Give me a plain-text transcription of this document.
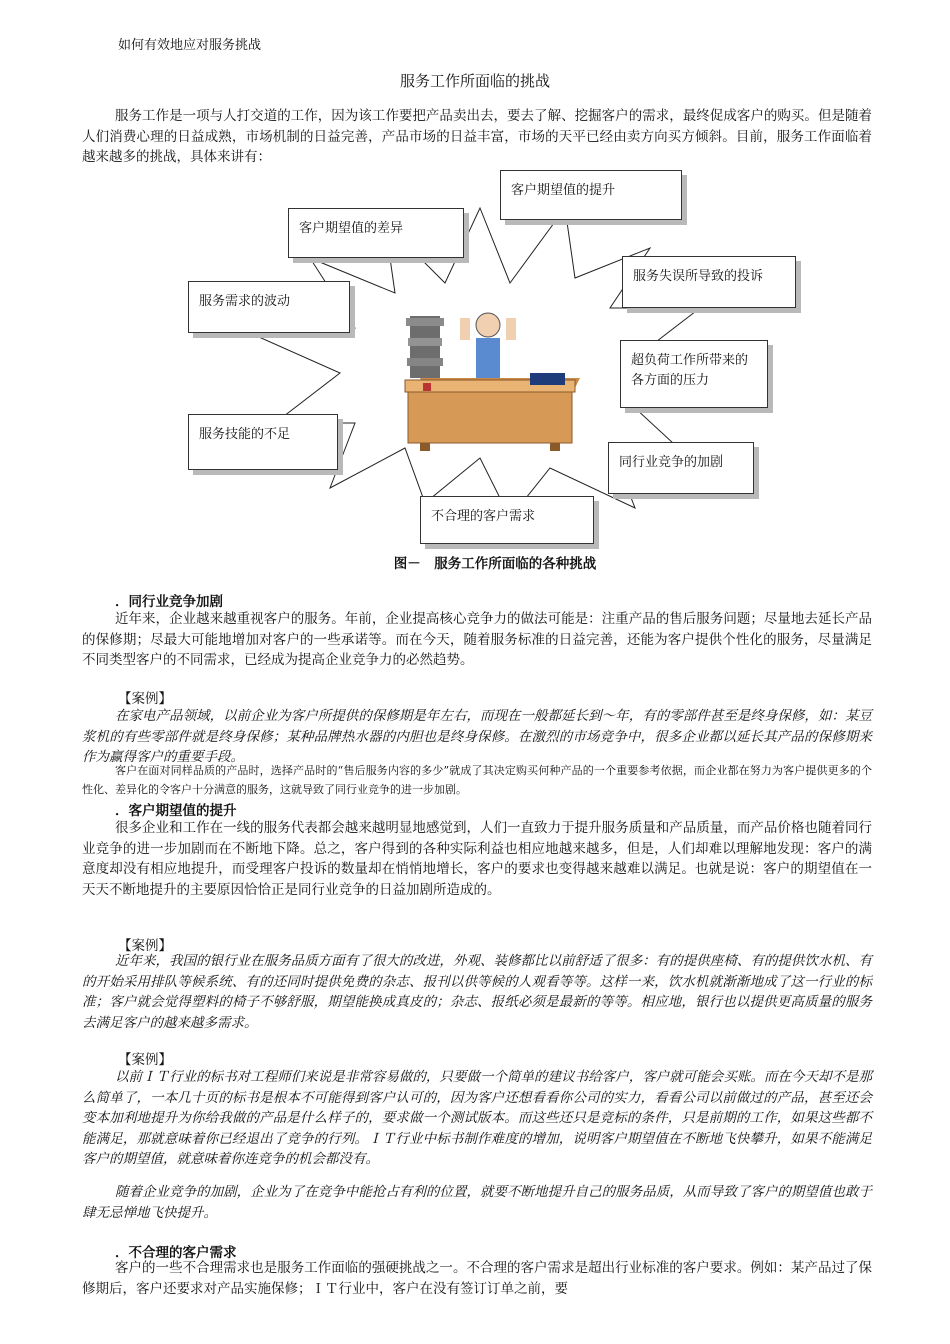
如何有效地应对服务挑战
服务工作所面临的挑战

服务工作是一项与人打交道的工作，因为该工作要把产品卖出去，要去了解、挖掘客户的需求，最终促成客户的购买。但是随着人们消费心理的日益成熟，市场机制的日益完善，产品市场的日益丰富，市场的天平已经由卖方向买方倾斜。目前，服务工作面临着越来越多的挑战，具体来讲有：

客户期望值的提升
客户期望值的差异
服务失误所导致的投诉
服务需求的波动
超负荷工作所带来的各方面的压力
服务技能的不足
同行业竞争的加剧
不合理的客户需求
图－　服务工作所面临的各种挑战
．同行业竞争加剧

近年来，企业越来越重视客户的服务。年前，企业提高核心竞争力的做法可能是：注重产品的售后服务问题；尽量地去延长产品的保修期；尽最大可能地增加对客户的一些承诺等。而在今天，随着服务标准的日益完善，还能为客户提供个性化的服务，尽量满足不同类型客户的不同需求，已经成为提高企业竞争力的必然趋势。

【案例】

在家电产品领域，以前企业为客户所提供的保修期是年左右，而现在一般都延长到～年，有的零部件甚至是终身保修，如：某豆浆机的有些零部件就是终身保修；某种品牌热水器的内胆也是终身保修。在激烈的市场竞争中，很多企业都以延长其产品的保修期来作为赢得客户的重要手段。

客户在面对同样品质的产品时，选择产品时的“售后服务内容的多少”就成了其决定购买何种产品的一个重要参考依据，而企业都在努力为客户提供更多的个性化、差异化的令客户十分满意的服务，这就导致了同行业竞争的进一步加剧。

．客户期望值的提升

很多企业和工作在一线的服务代表都会越来越明显地感觉到，人们一直致力于提升服务质量和产品质量，而产品价格也随着同行业竞争的进一步加剧而在不断地下降。总之，客户得到的各种实际利益也相应地越来越多，但是，人们却难以理解地发现：客户的满意度却没有相应地提升，而受理客户投诉的数量却在悄悄地增长，客户的要求也变得越来越难以满足。也就是说：客户的期望值在一天天不断地提升的主要原因恰恰正是同行业竞争的日益加剧所造成的。

【案例】

近年来，我国的银行业在服务品质方面有了很大的改进，外观、装修都比以前舒适了很多：有的提供座椅、有的提供饮水机、有的开始采用排队等候系统、有的还同时提供免费的杂志、报刊以供等候的人观看等等。这样一来，饮水机就渐渐地成了这一行业的标准；客户就会觉得塑料的椅子不够舒服，期望能换成真皮的；杂志、报纸必须是最新的等等。相应地，银行也以提供更高质量的服务去满足客户的越来越多需求。

【案例】

以前ＩＴ行业的标书对工程师们来说是非常容易做的，只要做一个简单的建议书给客户，客户就可能会买账。而在今天却不是那么简单了，一本几十页的标书是根本不可能得到客户认可的，因为客户还想看看你公司的实力，看看公司以前做过的产品，甚至还会变本加利地提升为你给我做的产品是什么样子的，要求做一个测试版本。而这些还只是竞标的条件，只是前期的工作，如果这些都不能满足，那就意味着你已经退出了竞争的行列。ＩＴ行业中标书制作难度的增加，说明客户期望值在不断地飞快攀升，如果不能满足客户的期望值，就意味着你连竞争的机会都没有。

随着企业竞争的加剧，企业为了在竞争中能抢占有利的位置，就要不断地提升自己的服务品质，从而导致了客户的期望值也敢于肆无忌惮地飞快提升。

．不合理的客户需求

客户的一些不合理需求也是服务工作面临的强硬挑战之一。不合理的客户需求是超出行业标准的客户要求。例如：某产品过了保修期后，客户还要求对产品实施保修；ＩＴ行业中，客户在没有签订订单之前，要
